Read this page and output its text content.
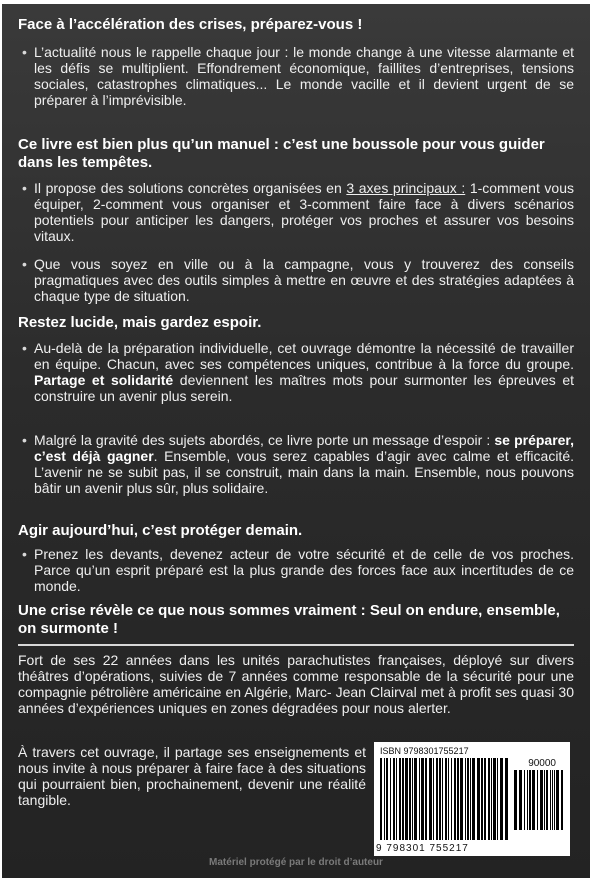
Face à l’accélération des crises, préparez-vous !
• L’actualité nous le rappelle chaque jour : le monde change à une vitesse alarmante et les défis se multiplient. Effondrement économique, faillites d’entreprises, tensions sociales, catastrophes climatiques... Le monde vacille et il devient urgent de se préparer à l’imprévisible.
Ce livre est bien plus qu’un manuel : c’est une boussole pour vous guider dans les tempêtes.
• Il propose des solutions concrètes organisées en 3 axes principaux : 1-comment vous équiper, 2-comment vous organiser et 3-comment faire face à divers scénarios potentiels pour anticiper les dangers, protéger vos proches et assurer vos besoins vitaux.
• Que vous soyez en ville ou à la campagne, vous y trouverez des conseils pragmatiques avec des outils simples à mettre en œuvre et des stratégies adaptées à chaque type de situation.
Restez lucide, mais gardez espoir.
• Au-delà de la préparation individuelle, cet ouvrage démontre la nécessité de travailler en équipe. Chacun, avec ses compétences uniques, contribue à la force du groupe. Partage et solidarité deviennent les maîtres mots pour surmonter les épreuves et construire un avenir plus serein.
• Malgré la gravité des sujets abordés, ce livre porte un message d’espoir : se préparer, c’est déjà gagner. Ensemble, vous serez capables d’agir avec calme et efficacité. L’avenir ne se subit pas, il se construit, main dans la main. Ensemble, nous pouvons bâtir un avenir plus sûr, plus solidaire.
Agir aujourd’hui, c’est protéger demain.
• Prenez les devants, devenez acteur de votre sécurité et de celle de vos proches. Parce qu’un esprit préparé est la plus grande des forces face aux incertitudes de ce monde.
Une crise révèle ce que nous sommes vraiment : Seul on endure, ensemble, on surmonte !
Fort de ses 22 années dans les unités parachutistes françaises, déployé sur divers théâtres d’opérations, suivies de 7 années comme responsable de la sécurité pour une compagnie pétrolière américaine en Algérie, Marc- Jean Clairval met à profit ses quasi 30 années d’expériences uniques en zones dégradées pour nous alerter.
À travers cet ouvrage, il partage ses enseignements et nous invite à nous préparer à faire face à des situations qui pourraient bien, prochainement, devenir une réalité tangible.
ISBN 9798301755217
90000
9 798301 755217
Matériel protégé par le droit d’auteur
